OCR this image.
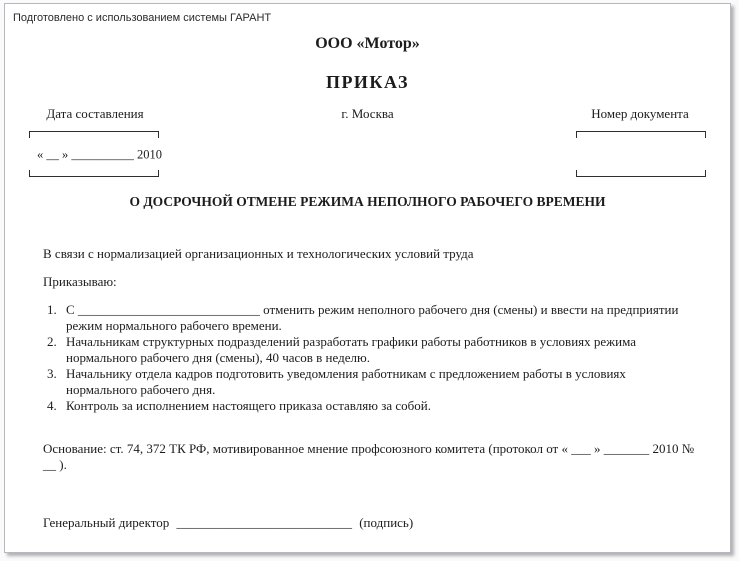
Подготовлено с использованием системы ГАРАНТ
ООО «Мотор»
ПРИКАЗ
Дата составления	г. Москва	Номер документа
« __ » __________ 2010
О ДОСРОЧНОЙ ОТМЕНЕ РЕЖИМА НЕПОЛНОГО РАБОЧЕГО ВРЕМЕНИ
В связи с нормализацией организационных и технологических условий труда
Приказываю:
1. С ____________________________ отменить режим неполного рабочего дня (смены) и ввести на предприятии режим нормального рабочего времени.
2. Начальникам структурных подразделений разработать графики работы работников в условиях режима нормального рабочего дня (смены), 40 часов в неделю.
3. Начальнику отдела кадров подготовить уведомления работникам с предложением работы в условиях нормального рабочего дня.
4. Контроль за исполнением настоящего приказа оставляю за собой.
Основание: ст. 74, 372 ТК РФ, мотивированное мнение профсоюзного комитета (протокол от « ___ » _______ 2010 № __ ).
Генеральный директор ___________________________ (подпись)
